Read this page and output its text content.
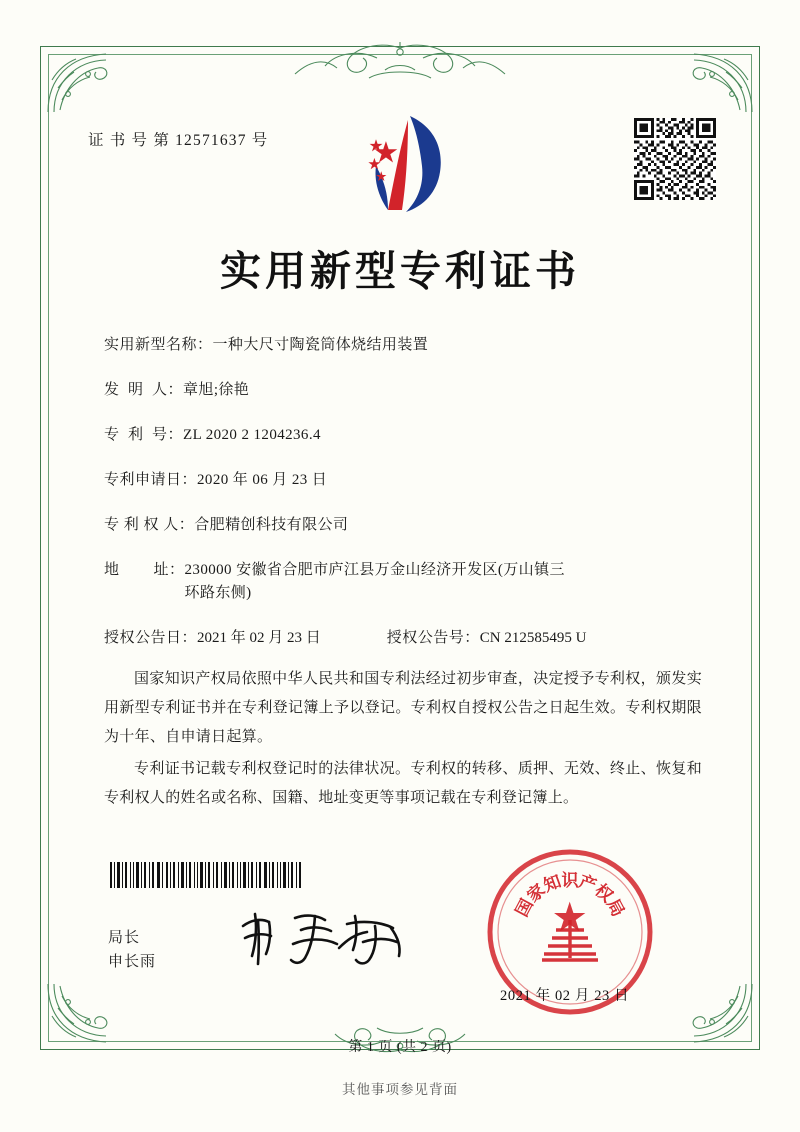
证 书 号 第 12571637 号
实用新型专利证书
实用新型名称： 一种大尺寸陶瓷筒体烧结用装置
发  明  人： 章旭;徐艳
专  利  号： ZL 2020 2 1204236.4
专利申请日： 2020 年 06 月 23 日
专 利 权 人： 合肥精创科技有限公司
地        址： 230000 安徽省合肥市庐江县万金山经济开发区(万山镇三
环路东侧)
授权公告日： 2021 年 02 月 23 日	授权公告号： CN 212585495 U

国家知识产权局依照中华人民共和国专利法经过初步审查，决定授予专利权，颁发实用新型专利证书并在专利登记簿上予以登记。专利权自授权公告之日起生效。专利权期限为十年、自申请日起算。

专利证书记载专利权登记时的法律状况。专利权的转移、质押、无效、终止、恢复和专利权人的姓名或名称、国籍、地址变更等事项记载在专利登记簿上。

局长
申长雨
国
家
知
识
产
权
局
2021 年 02 月 23 日
第 1 页 (共 2 页)
其他事项参见背面
